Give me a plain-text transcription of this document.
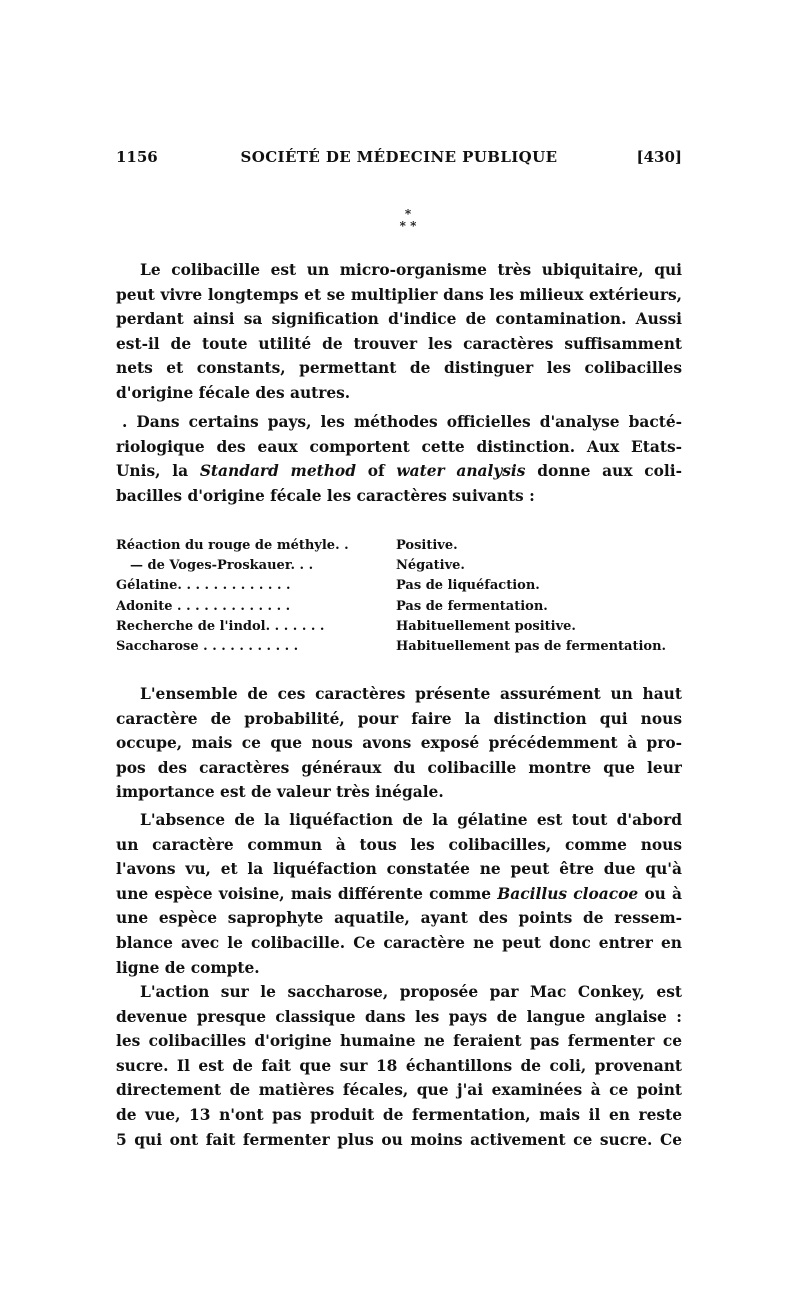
1156	SOCIÉTÉ DE MÉDECINE PUBLIQUE	[430]
*
* *
Le colibacille est un micro-organisme très ubiquitaire, qui
peut vivre longtemps et se multiplier dans les milieux extérieurs,
perdant ainsi sa signification d'indice de contamination. Aussi
est-il de toute utilité de trouver les caractères suffisamment
nets et constants, permettant de distinguer les colibacilles
d'origine fécale des autres.
. Dans certains pays, les méthodes officielles d'analyse bacté-
riologique des eaux comportent cette distinction. Aux Etats-
Unis, la Standard method of water analysis donne aux coli-
bacilles d'origine fécale les caractères suivants :
Réaction du rouge de méthyle. .	Positive.
— de Voges-Proskauer. . .	Négative.
Gélatine. . . . . . . . . . . . .	Pas de liquéfaction.
Adonite . . . . . . . . . . . . .	Pas de fermentation.
Recherche de l'indol. . . . . . .	Habituellement positive.
Saccharose . . . . . . . . . . .	Habituellement pas de fermentation.
L'ensemble de ces caractères présente assurément un haut
caractère de probabilité, pour faire la distinction qui nous
occupe, mais ce que nous avons exposé précédemment à pro-
pos des caractères généraux du colibacille montre que leur
importance est de valeur très inégale.
L'absence de la liquéfaction de la gélatine est tout d'abord
un caractère commun à tous les colibacilles, comme nous
l'avons vu, et la liquéfaction constatée ne peut être due qu'à
une espèce voisine, mais différente comme Bacillus cloacoe ou à
une espèce saprophyte aquatile, ayant des points de ressem-
blance avec le colibacille. Ce caractère ne peut donc entrer en
ligne de compte.
L'action sur le saccharose, proposée par Mac Conkey, est
devenue presque classique dans les pays de langue anglaise :
les colibacilles d'origine humaine ne feraient pas fermenter ce
sucre. Il est de fait que sur 18 échantillons de coli, provenant
directement de matières fécales, que j'ai examinées à ce point
de vue, 13 n'ont pas produit de fermentation, mais il en reste
5 qui ont fait fermenter plus ou moins activement ce sucre. Ce
